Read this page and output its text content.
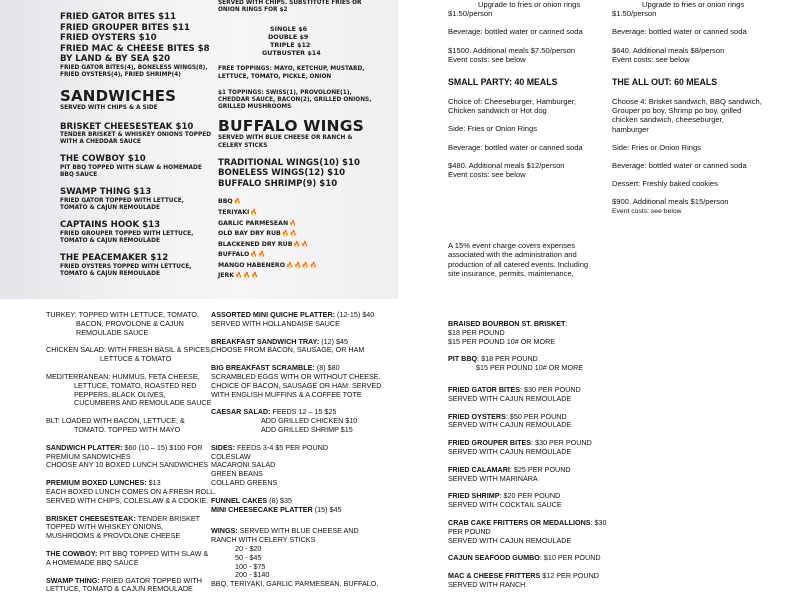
FRIED GATOR BITES $11
FRIED GROUPER BITES $11
FRIED OYSTERS $10
FRIED MAC & CHEESE BITES $8
BY LAND & BY SEA $20
FRIED GATOR BITES(4), BONELESS WINGS(8),
FRIED OYSTERS(4), FRIED SHRIMP(4)
SANDWICHES
SERVED WITH CHIPS & A SIDE
BRISKET CHEESESTEAK $10
TENDER BRISKET & WHISKEY ONIONS TOPPED
WITH A CHEDDAR SAUCE
THE COWBOY $10
PIT BBQ TOPPED WITH SLAW & HOMEMADE
BBQ SAUCE
SWAMP THING $13
FRIED GATOR TOPPED WITH LETTUCE,
TOMATO & CAJUN REMOULADE
CAPTAINS HOOK $13
FRIED GROUPER TOPPED WITH LETTUCE,
TOMATO & CAJUN REMOULADE
THE PEACEMAKER $12
FRIED OYSTERS TOPPED WITH LETTUCE,
TOMATO & CAJUN REMOULADE
SERVED WITH CHIPS. SUBSTITUTE FRIES OR
ONION RINGS FOR $2
SINGLE $6
DOUBLE $9
TRIPLE $12
GUTBUSTER $14
FREE TOPPINGS: MAYO, KETCHUP, MUSTARD,
LETTUCE, TOMATO, PICKLE, ONION
$1 TOPPINGS: SWISS(1), PROVOLONE(1),
CHEDDAR SAUCE, BACON(2), GRILLED ONIONS,
GRILLED MUSHROOMS
BUFFALO WINGS
SERVED WITH BLUE CHEESE OR RANCH &
CELERY STICKS
TRADITIONAL WINGS(10) $10
BONELESS WINGS(12) $10
BUFFALO SHRIMP(9) $10
BBQ🔥
TERIYAKI🔥
GARLIC PARMESEAN🔥
OLD BAY DRY RUB🔥🔥
BLACKENED DRY RUB🔥🔥
BUFFALO🔥🔥
MANGO HABENERO🔥🔥🔥🔥
JERK🔥🔥🔥

Upgrade to fries or onion rings

$1.50/person

Beverage: bottled water or canned soda

$1500. Additional meals $7.50/person

Event costs: see below

SMALL PARTY: 40 MEALS

Choice of: Cheeseburger, Hamburger,

Chicken sandwich or Hot dog

Side: Fries or Onion Rings

Beverage: bottled water or canned soda

$480. Additional meals $12/person

Event costs: see below

A 15% event charge covers expenses

associated with the administration and

production of all catered events. Including

site insurance, permits, maintenance,

Upgrade to fries or onion rings

$1.50/person

Beverage: bottled water or canned soda

$640. Additional meals $8/person

Event costs: see below

THE ALL OUT: 60 MEALS

Choose 4: Brisket sandwich, BBQ sandwich,

Grouper po boy, Shrimp po boy, grilled

chicken sandwich, cheeseburger,

hamburger

Side: Fries or Onion Rings

Beverage: bottled water or canned soda

Dessert: Freshly baked cookies

$900. Additional meals $15/person

Event costs: see below

TURKEY: TOPPED WITH LETTUCE, TOMATO,

BACON, PROVOLONE & CAJUN

REMOULADE SAUCE

CHICKEN SALAD: WITH FRESH BASIL & SPICES,

LETTUCE & TOMATO

MEDITERRANEAN: HUMMUS, FETA CHEESE,

LETTUCE, TOMATO, ROASTED RED

PEPPERS, BLACK OLIVES,

CUCUMBERS AND REMOULADE SAUCE

BLT: LOADED WITH BACON, LETTUCE, &

TOMATO. TOPPED WITH MAYO

SANDWICH PLATTER: $60 (10 – 15) $100 FOR

PREMIUM SANDWICHES

CHOOSE ANY 10 BOXED LUNCH SANDWICHES

PREMIUM BOXED LUNCHES: $13

EACH BOXED LUNCH COMES ON A FRESH ROLL.

SERVED WITH CHIPS, COLESLAW & A COOKIE.

BRISKET CHEESESTEAK: TENDER BRISKET

TOPPED WITH WHISKEY ONIONS,

MUSHROOMS & PROVOLONE CHEESE

THE COWBOY: PIT BBQ TOPPED WITH SLAW &

A HOMEMADE BBQ SAUCE

SWAMP THING: FRIED GATOR TOPPED WITH

LETTUCE, TOMATO & CAJUN REMOULADE

ASSORTED MINI QUICHE PLATTER: (12-15) $40

SERVED WITH HOLLANDAISE SAUCE

BREAKFAST SANDWICH TRAY: (12) $45

CHOOSE FROM BACON, SAUSAGE, OR HAM

BIG BREAKFAST SCRAMBLE: (8) $80

SCRAMBLED EGGS WITH OR WITHOUT CHEESE.

CHOICE OF BACON, SAUSAGE OR HAM. SERVED

WITH ENGLISH MUFFINS & A COFFEE TOTE

CAESAR SALAD: FEEDS 12 – 15 $25

ADD GRILLED CHICKEN $10

ADD GRILLED SHRIMP $15

SIDES: FEEDS 3-4 $5 PER POUND

COLESLAW

MACARONI SALAD

GREEN BEANS

COLLARD GREENS

FUNNEL CAKES (8) $35

MINI CHEESECAKE PLATTER (15) $45

WINGS: SERVED WITH BLUE CHEESE AND

RANCH WITH CELERY STICKS

20 - $20

50 - $45

100 - $75

200 - $140

BBQ, TERIYAKI, GARLIC PARMESEAN, BUFFALO,

BRAISED BOURBON ST. BRISKET:

$18 PER POUND

$15 PER POUND 10# OR MORE

PIT BBQ: $18 PER POUND

$15 PER POUND 10# OR MORE

FRIED GATOR BITES: $30 PER POUND

SERVED WITH CAJUN REMOULADE

FRIED OYSTERS: $50 PER POUND

SERVED WITH CAJUN REMOULADE

FRIED GROUPER BITES: $30 PER POUND

SERVED WITH CAJUN REMOULADE

FRIED CALAMARI: $25 PER POUND

SERVED WITH MARINARA

FRIED SHRIMP: $20 PER POUND

SERVED WITH COCKTAIL SAUCE

CRAB CAKE FRITTERS OR MEDALLIONS: $30

PER POUND

SERVED WITH CAJUN REMOULADE

CAJUN SEAFOOD GUMBO: $10 PER POUND

MAC & CHEESE FRITTERS $12 PER POUND

SERVED WITH RANCH
